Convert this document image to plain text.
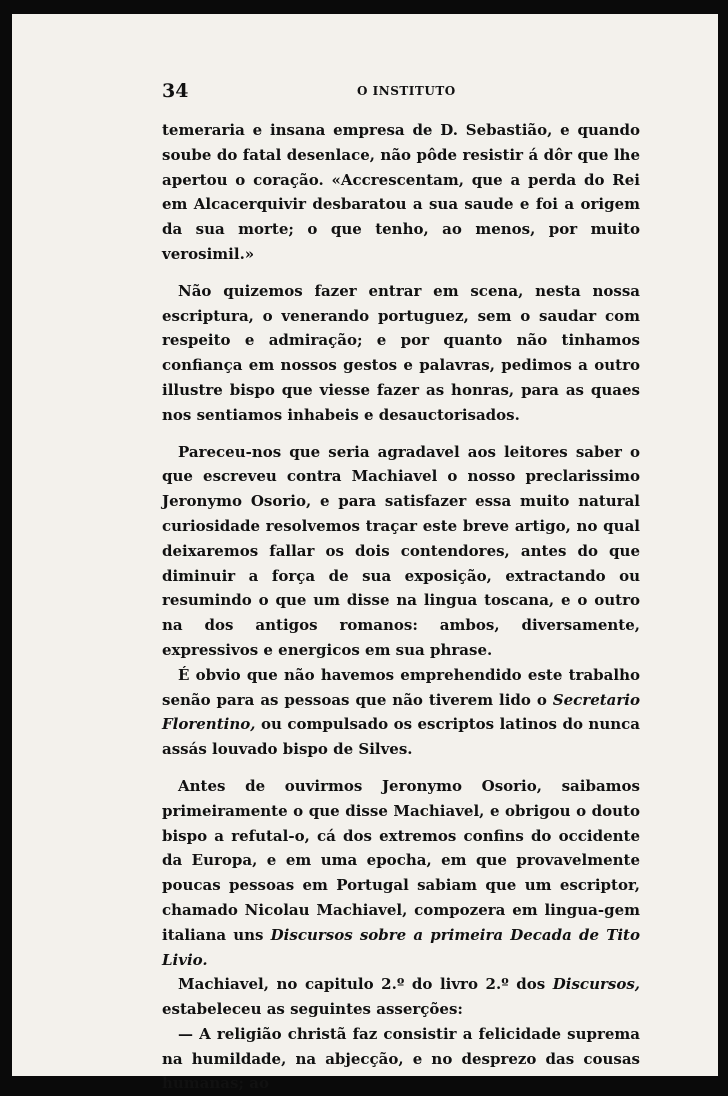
34	O INSTITUTO

temeraria e insana empresa de D. Sebastião, e quando soube do fatal desenlace, não pôde resistir á dôr que lhe apertou o coração. «Accrescentam, que a perda do Rei em Alcacerquivir desbaratou a sua saude e foi a origem da sua morte; o que tenho, ao menos, por muito verosimil.»

Não quizemos fazer entrar em scena, nesta nossa escriptura, o venerando portuguez, sem o saudar com respeito e admiração; e por quanto não tinhamos confiança em nossos gestos e palavras, pedimos a outro illustre bispo que viesse fazer as honras, para as quaes nos sentiamos inhabeis e desauctorisados.

Pareceu-nos que seria agradavel aos leitores saber o que escreveu contra Machiavel o nosso preclarissimo Jeronymo Osorio, e para satisfazer essa muito natural curiosidade resolvemos traçar este breve artigo, no qual deixaremos fallar os dois contendores, antes do que diminuir a força de sua exposição, extractando ou resumindo o que um disse na lingua toscana, e o outro na dos antigos romanos: ambos, diversamente, expressivos e energicos em sua phrase.

É obvio que não havemos emprehendido este trabalho senão para as pessoas que não tiverem lido o Secretario Florentino, ou compulsado os escriptos latinos do nunca assás louvado bispo de Silves.

Antes de ouvirmos Jeronymo Osorio, saibamos primeiramente o que disse Machiavel, e obrigou o douto bispo a refutal-o, cá dos extremos confins do occidente da Europa, e em uma epocha, em que provavelmente poucas pessoas em Portugal sabiam que um escriptor, chamado Nicolau Machiavel, compozera em lingua-gem italiana uns Discursos sobre a primeira Decada de Tito Livio.

Machiavel, no capitulo 2.º do livro 2.º dos Discursos, estabeleceu as seguintes asserções:

— A religião christã faz consistir a felicidade suprema na humildade, na abjecção, e no desprezo das cousas humanas; ao
